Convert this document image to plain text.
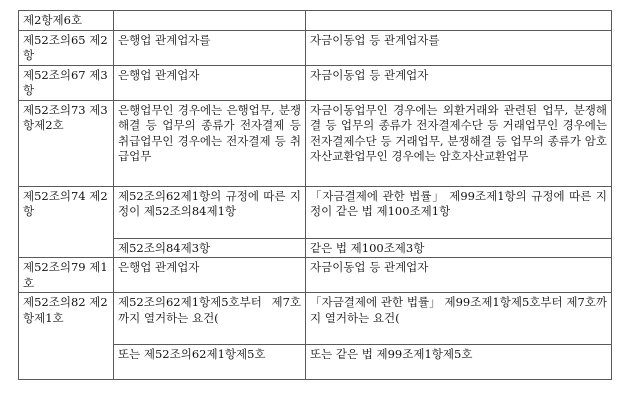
제2항제6호		
제52조의65 제2항	은행업 관계업자를	자금이동업 등 관계업자를
제52조의67 제3항	은행업 관계업자	자금이동업 등 관계업자
제52조의73 제3항제2호	은행업무인 경우에는 은행업무, 분쟁해결 등 업무의 종류가 전자결제 등 취급업무인 경우에는 전자결제 등 취급업무	자금이동업무인 경우에는 외환거래와 관련된 업무, 분쟁해결 등 업무의 종류가 전자결제수단 등 거래업무인 경우에는 전자결제수단 등 거래업무, 분쟁해결 등 업무의 종류가 암호자산교환업무인 경우에는 암호자산교환업무
제52조의74 제2항	제52조의62제1항의 규정에 따른 지정이 제52조의84제1항	「자금결제에 관한 법률」 제99조제1항의 규정에 따른 지정이 같은 법 제100조제1항
	제52조의84제3항	같은 법 제100조제3항
제52조의79 제1호	은행업 관계업자	자금이동업 등 관계업자
제52조의82 제2항제1호	제52조의62제1항제5호부터 제7호까지 열거하는 요건(	「자금결제에 관한 법률」 제99조제1항제5호부터 제7호까지 열거하는 요건(
	또는 제52조의62제1항제5호	또는 같은 법 제99조제1항제5호
